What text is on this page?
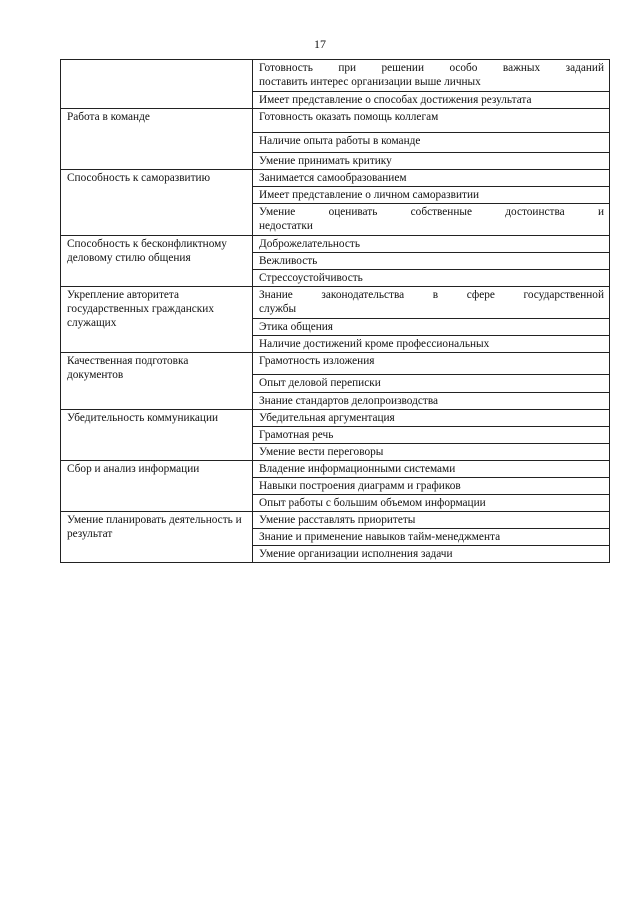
17

	Готовность при решении особо важных заданий
поставить интерес организации выше личных

	Имеет представление о способах достижения результата

Работа в команде	Готовность оказать помощь коллегам

	Наличие опыта работы в команде

	Умение принимать критику

Способность к саморазвитию	Занимается самообразованием

	Имеет представление о личном саморазвитии

	Умение оценивать собственные достоинства и
недостатки

Способность к бесконфликтному деловому стилю общения	Доброжелательность

	Вежливость

	Стрессоустойчивость

Укрепление авторитета государственных гражданских служащих	Знание законодательства в сфере государственной
службы

	Этика общения

	Наличие достижений кроме профессиональных

Качественная подготовка документов	Грамотность изложения

	Опыт деловой переписки

	Знание стандартов делопроизводства

Убедительность коммуникации	Убедительная аргументация

	Грамотная речь

	Умение вести переговоры

Сбор и анализ информации	Владение информационными системами

	Навыки построения диаграмм и графиков

	Опыт работы с большим объемом информации

Умение планировать деятельность и результат	Умение расставлять приоритеты

	Знание и применение навыков тайм-менеджмента

	Умение организации исполнения задачи
